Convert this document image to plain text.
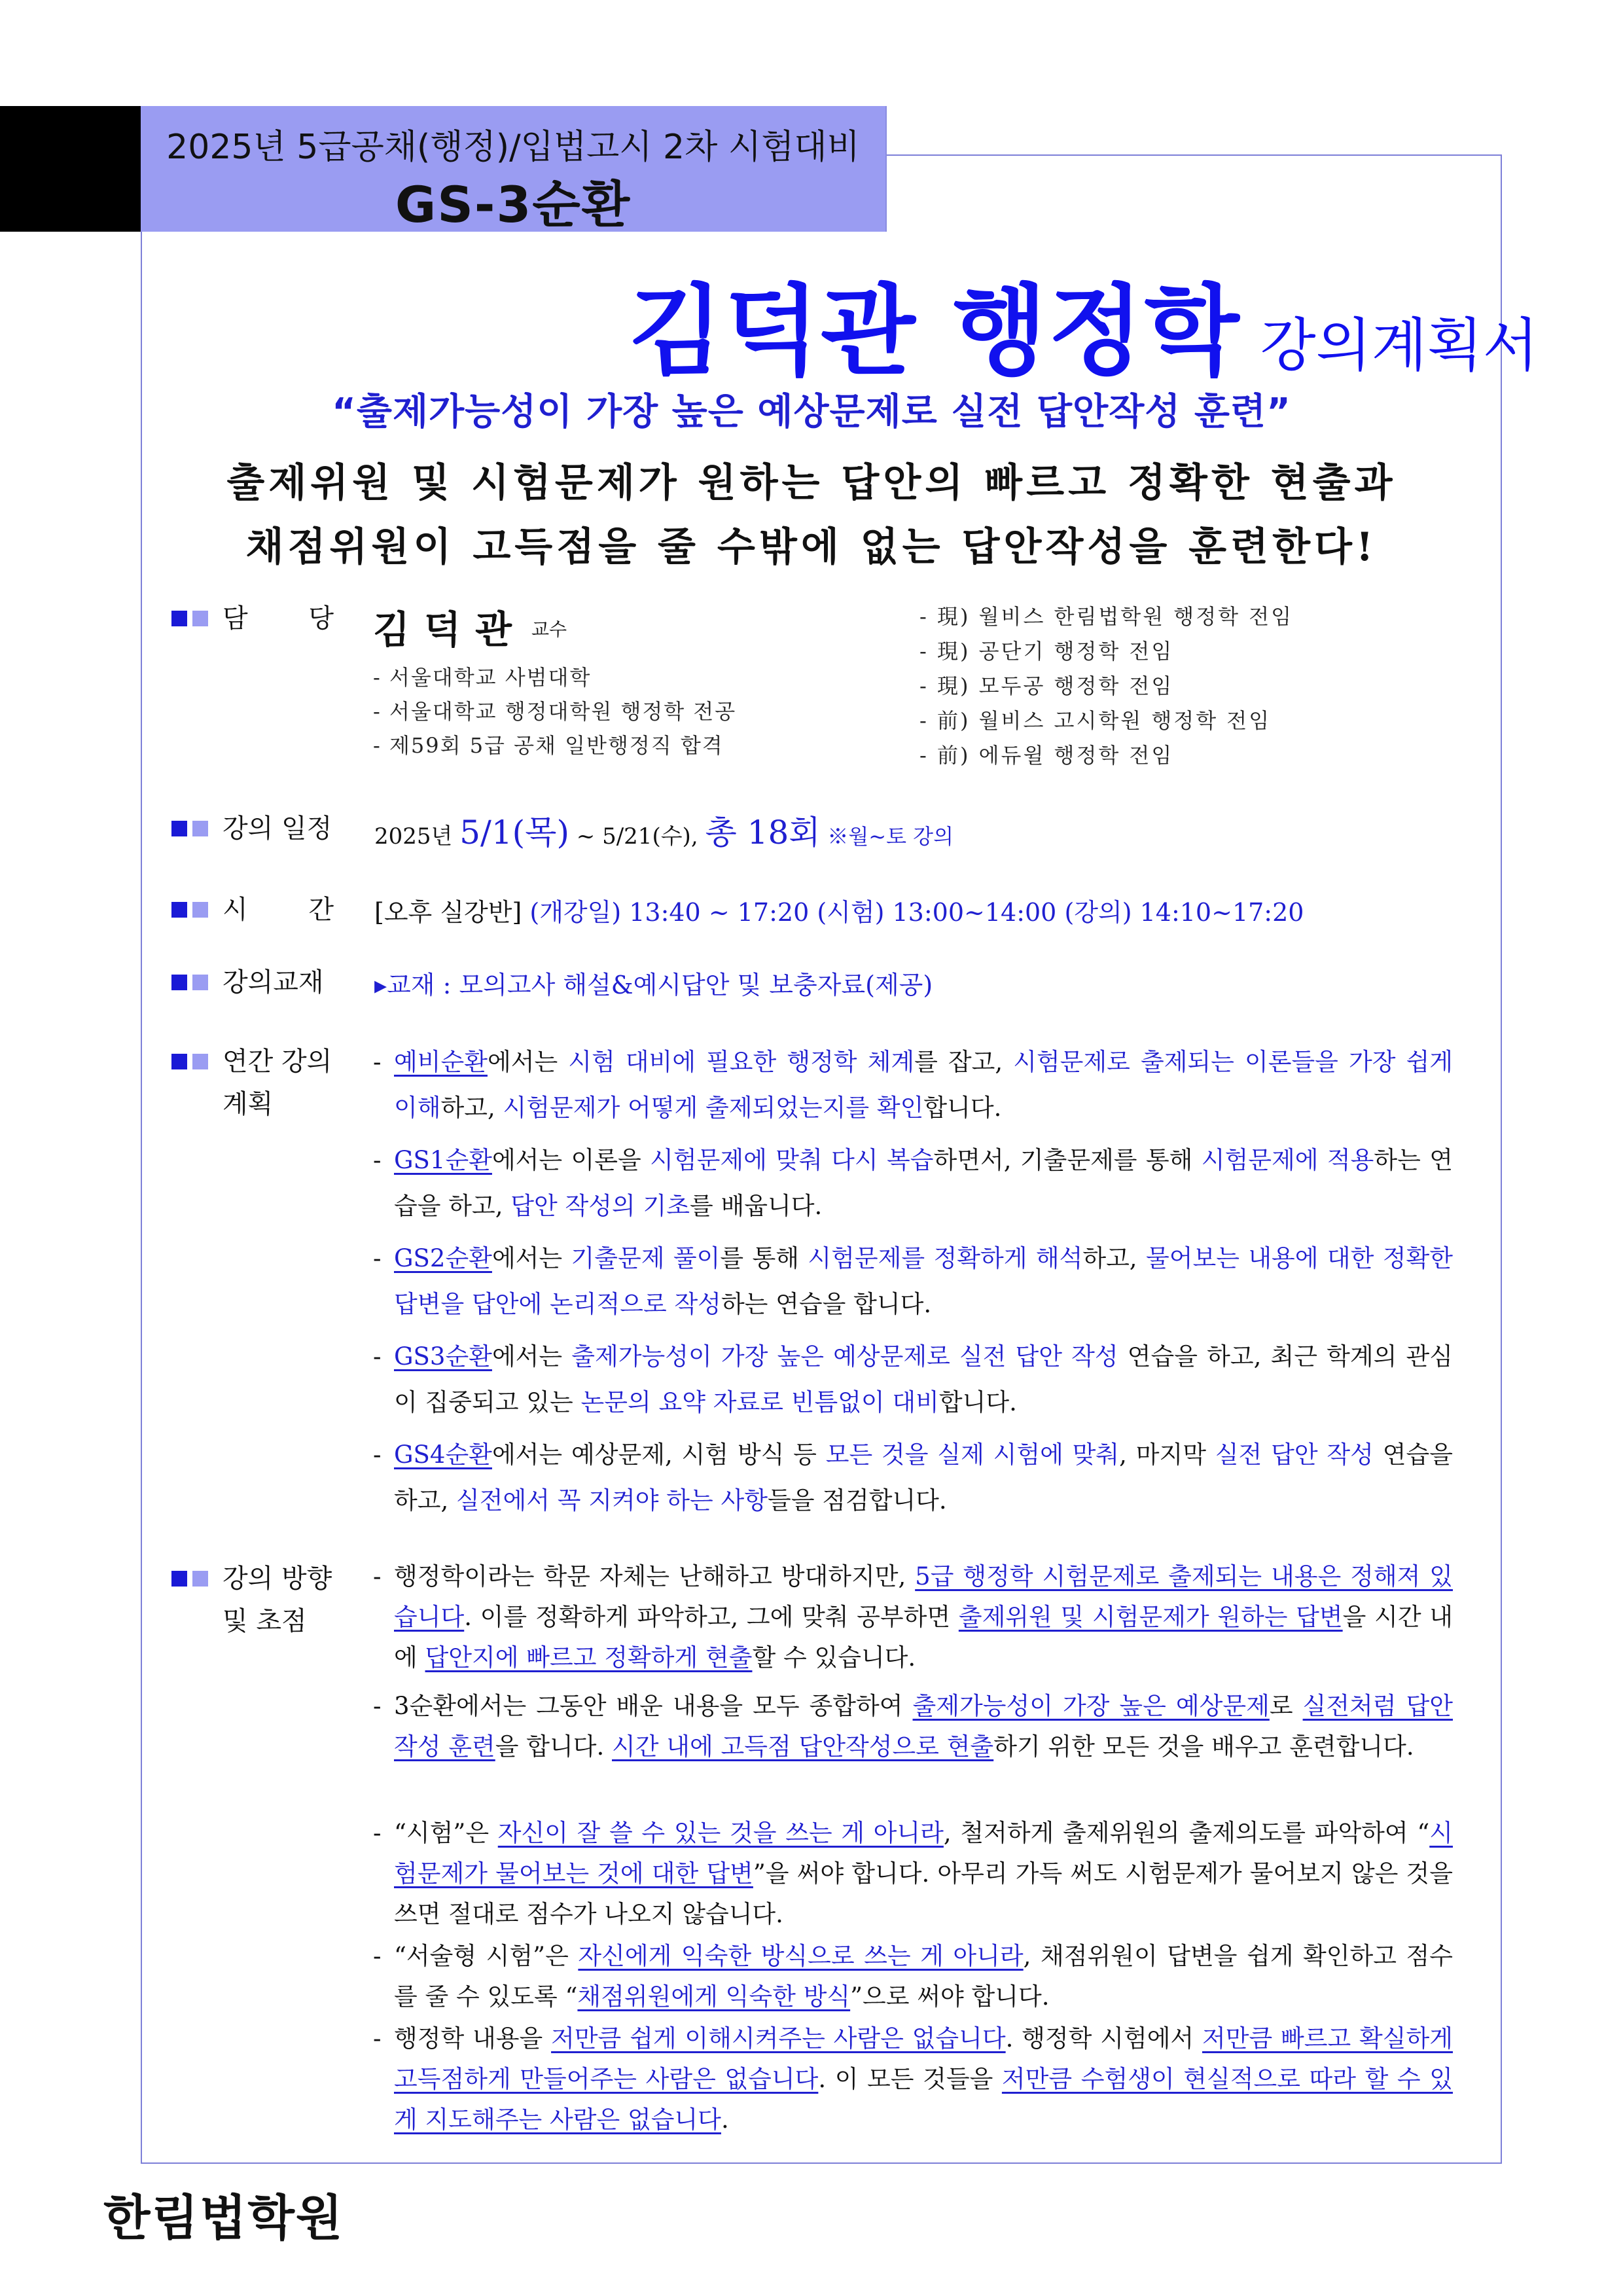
2025년 5급공채(행정)/입법고시 2차 시험대비
GS-3순환
김덕관 행정학 강의계획서
“출제가능성이 가장 높은 예상문제로 실전 답안작성 훈련”
출제위원 및 시험문제가 원하는 답안의 빠르고 정확한 현출과
채점위원이 고득점을 줄 수밖에 없는 답안작성을 훈련한다!
담 당 김덕관 교수
- 서울대학교 사범대학
- 서울대학교 행정대학원 행정학 전공
- 제59회 5급 공채 일반행정직 합격
- 現) 월비스 한림법학원 행정학 전임
- 現) 공단기 행정학 전임
- 現) 모두공 행정학 전임
- 前) 월비스 고시학원 행정학 전임
- 前) 에듀윌 행정학 전임
강의 일정 2025년 5/1(목) ~ 5/21(수), 총 18회 ※월~토 강의
시 간 [오후 실강반] (개강일) 13:40 ~ 17:20 (시험) 13:00~14:00 (강의) 14:10~17:20
강의교재 ▸교재 : 모의고사 해설&예시답안 및 보충자료(제공)
연간 강의
계획
- 예비순환에서는 시험 대비에 필요한 행정학 체계를 잡고, 시험문제로 출제되는 이론들을 가장 쉽게 이해하고, 시험문제가 어떻게 출제되었는지를 확인합니다.
- GS1순환에서는 이론을 시험문제에 맞춰 다시 복습하면서, 기출문제를 통해 시험문제에 적용하는 연습을 하고, 답안 작성의 기초를 배웁니다.
- GS2순환에서는 기출문제 풀이를 통해 시험문제를 정확하게 해석하고, 물어보는 내용에 대한 정확한 답변을 답안에 논리적으로 작성하는 연습을 합니다.
- GS3순환에서는 출제가능성이 가장 높은 예상문제로 실전 답안 작성 연습을 하고, 최근 학계의 관심이 집중되고 있는 논문의 요약 자료로 빈틈없이 대비합니다.
- GS4순환에서는 예상문제, 시험 방식 등 모든 것을 실제 시험에 맞춰, 마지막 실전 답안 작성 연습을 하고, 실전에서 꼭 지켜야 하는 사항들을 점검합니다.
강의 방향
및 초점
- 행정학이라는 학문 자체는 난해하고 방대하지만, 5급 행정학 시험문제로 출제되는 내용은 정해져 있습니다. 이를 정확하게 파악하고, 그에 맞춰 공부하면 출제위원 및 시험문제가 원하는 답변을 시간 내에 답안지에 빠르고 정확하게 현출할 수 있습니다.
- 3순환에서는 그동안 배운 내용을 모두 종합하여 출제가능성이 가장 높은 예상문제로 실전처럼 답안작성 훈련을 합니다. 시간 내에 고득점 답안작성으로 현출하기 위한 모든 것을 배우고 훈련합니다.
- “시험”은 자신이 잘 쓸 수 있는 것을 쓰는 게 아니라, 철저하게 출제위원의 출제의도를 파악하여 “시험문제가 물어보는 것에 대한 답변”을 써야 합니다. 아무리 가득 써도 시험문제가 물어보지 않은 것을 쓰면 절대로 점수가 나오지 않습니다.
- “서술형 시험”은 자신에게 익숙한 방식으로 쓰는 게 아니라, 채점위원이 답변을 쉽게 확인하고 점수를 줄 수 있도록 “채점위원에게 익숙한 방식”으로 써야 합니다.
- 행정학 내용을 저만큼 쉽게 이해시켜주는 사람은 없습니다. 행정학 시험에서 저만큼 빠르고 확실하게 고득점하게 만들어주는 사람은 없습니다. 이 모든 것들을 저만큼 수험생이 현실적으로 따라 할 수 있게 지도해주는 사람은 없습니다.
한림법학원
